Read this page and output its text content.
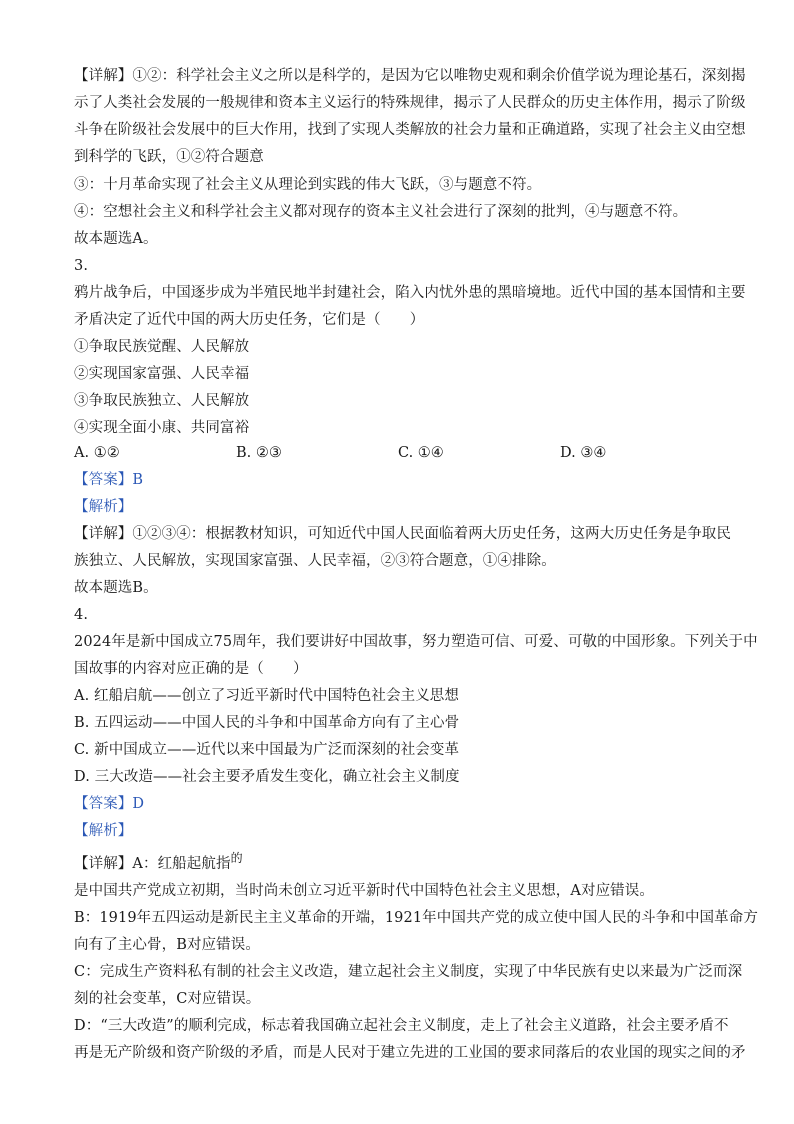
【详解】①②：科学社会主义之所以是科学的，是因为它以唯物史观和剩余价值学说为理论基石，深刻揭
示了人类社会发展的一般规律和资本主义运行的特殊规律，揭示了人民群众的历史主体作用，揭示了阶级
斗争在阶级社会发展中的巨大作用，找到了实现人类解放的社会力量和正确道路，实现了社会主义由空想
到科学的飞跃，①②符合题意
③：十月革命实现了社会主义从理论到实践的伟大飞跃，③与题意不符。
④：空想社会主义和科学社会主义都对现存的资本主义社会进行了深刻的批判，④与题意不符。
故本题选A。
3.
鸦片战争后，中国逐步成为半殖民地半封建社会，陷入内忧外患的黑暗境地。近代中国的基本国情和主要
矛盾决定了近代中国的两大历史任务，它们是（　　）
①争取民族觉醒、人民解放
②实现国家富强、人民幸福
③争取民族独立、人民解放
④实现全面小康、共同富裕
A. ①②	B. ②③	C. ①④	D. ③④
【答案】B
【解析】
【详解】①②③④：根据教材知识，可知近代中国人民面临着两大历史任务，这两大历史任务是争取民
族独立、人民解放，实现国家富强、人民幸福，②③符合题意，①④排除。
故本题选B。
4.
2024年是新中国成立75周年，我们要讲好中国故事，努力塑造可信、可爱、可敬的中国形象。下列关于中
国故事的内容对应正确的是（　　）
A. 红船启航——创立了习近平新时代中国特色社会主义思想
B. 五四运动——中国人民的斗争和中国革命方向有了主心骨
C. 新中国成立——近代以来中国最为广泛而深刻的社会变革
D. 三大改造——社会主要矛盾发生变化，确立社会主义制度
【答案】D
【解析】
【详解】A：红船起航指$^的$
是中国共产党成立初期，当时尚未创立习近平新时代中国特色社会主义思想，A对应错误。
B：1919年五四运动是新民主主义革命的开端，1921年中国共产党的成立使中国人民的斗争和中国革命方
向有了主心骨，B对应错误。
C：完成生产资料私有制的社会主义改造，建立起社会主义制度，实现了中华民族有史以来最为广泛而深
刻的社会变革，C对应错误。
D：“三大改造”的顺利完成，标志着我国确立起社会主义制度，走上了社会主义道路，社会主要矛盾不
再是无产阶级和资产阶级的矛盾，而是人民对于建立先进的工业国的要求同落后的农业国的现实之间的矛
